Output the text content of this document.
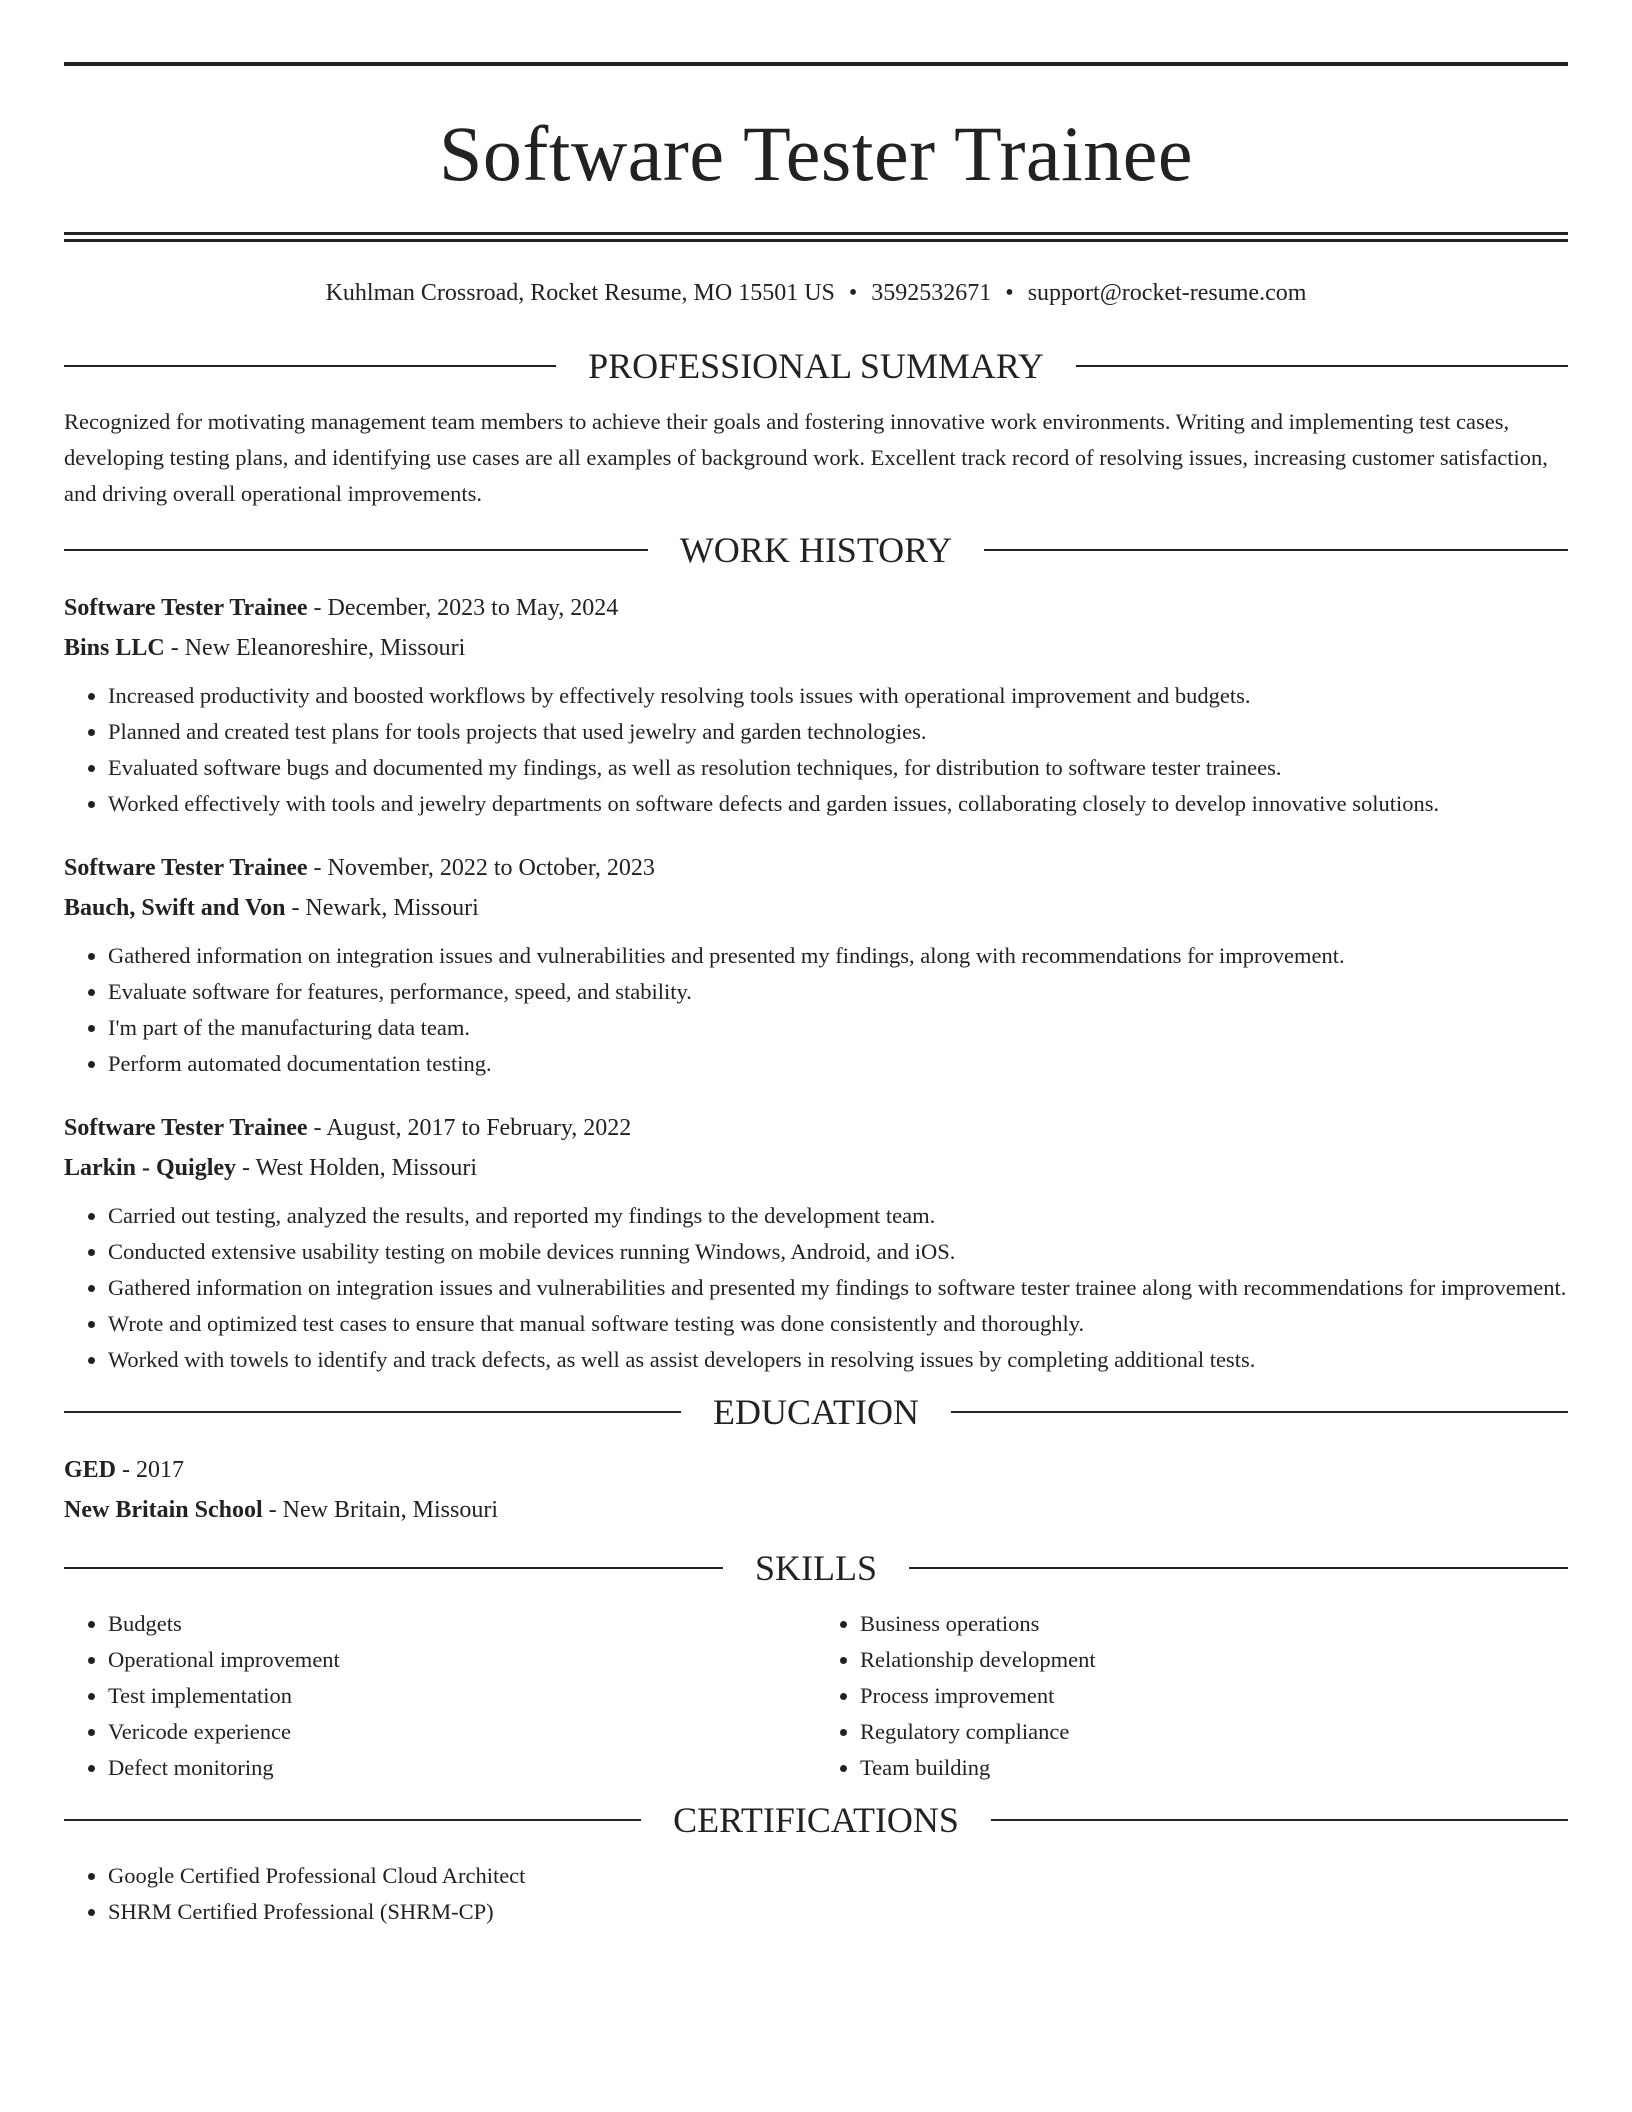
Software Tester Trainee
Kuhlman Crossroad, Rocket Resume, MO 15501 US • 3592532671 • support@rocket-resume.com
PROFESSIONAL SUMMARY

Recognized for motivating management team members to achieve their goals and fostering innovative work environments. Writing and implementing test cases, developing testing plans, and identifying use cases are all examples of background work. Excellent track record of resolving issues, increasing customer satisfaction, and driving overall operational improvements.

WORK HISTORY
Software Tester Trainee - December, 2023 to May, 2024
Bins LLC - New Eleanoreshire, Missouri
• Increased productivity and boosted workflows by effectively resolving tools issues with operational improvement and budgets.
• Planned and created test plans for tools projects that used jewelry and garden technologies.
• Evaluated software bugs and documented my findings, as well as resolution techniques, for distribution to software tester trainees.
• Worked effectively with tools and jewelry departments on software defects and garden issues, collaborating closely to develop innovative solutions.
Software Tester Trainee - November, 2022 to October, 2023
Bauch, Swift and Von - Newark, Missouri
• Gathered information on integration issues and vulnerabilities and presented my findings, along with recommendations for improvement.
• Evaluate software for features, performance, speed, and stability.
• I'm part of the manufacturing data team.
• Perform automated documentation testing.
Software Tester Trainee - August, 2017 to February, 2022
Larkin - Quigley - West Holden, Missouri
• Carried out testing, analyzed the results, and reported my findings to the development team.
• Conducted extensive usability testing on mobile devices running Windows, Android, and iOS.
• Gathered information on integration issues and vulnerabilities and presented my findings to software tester trainee along with recommendations for improvement.
• Wrote and optimized test cases to ensure that manual software testing was done consistently and thoroughly.
• Worked with towels to identify and track defects, as well as assist developers in resolving issues by completing additional tests.
EDUCATION
GED - 2017
New Britain School - New Britain, Missouri
SKILLS
• Budgets
• Operational improvement
• Test implementation
• Vericode experience
• Defect monitoring
• Business operations
• Relationship development
• Process improvement
• Regulatory compliance
• Team building
CERTIFICATIONS
• Google Certified Professional Cloud Architect
• SHRM Certified Professional (SHRM-CP)
